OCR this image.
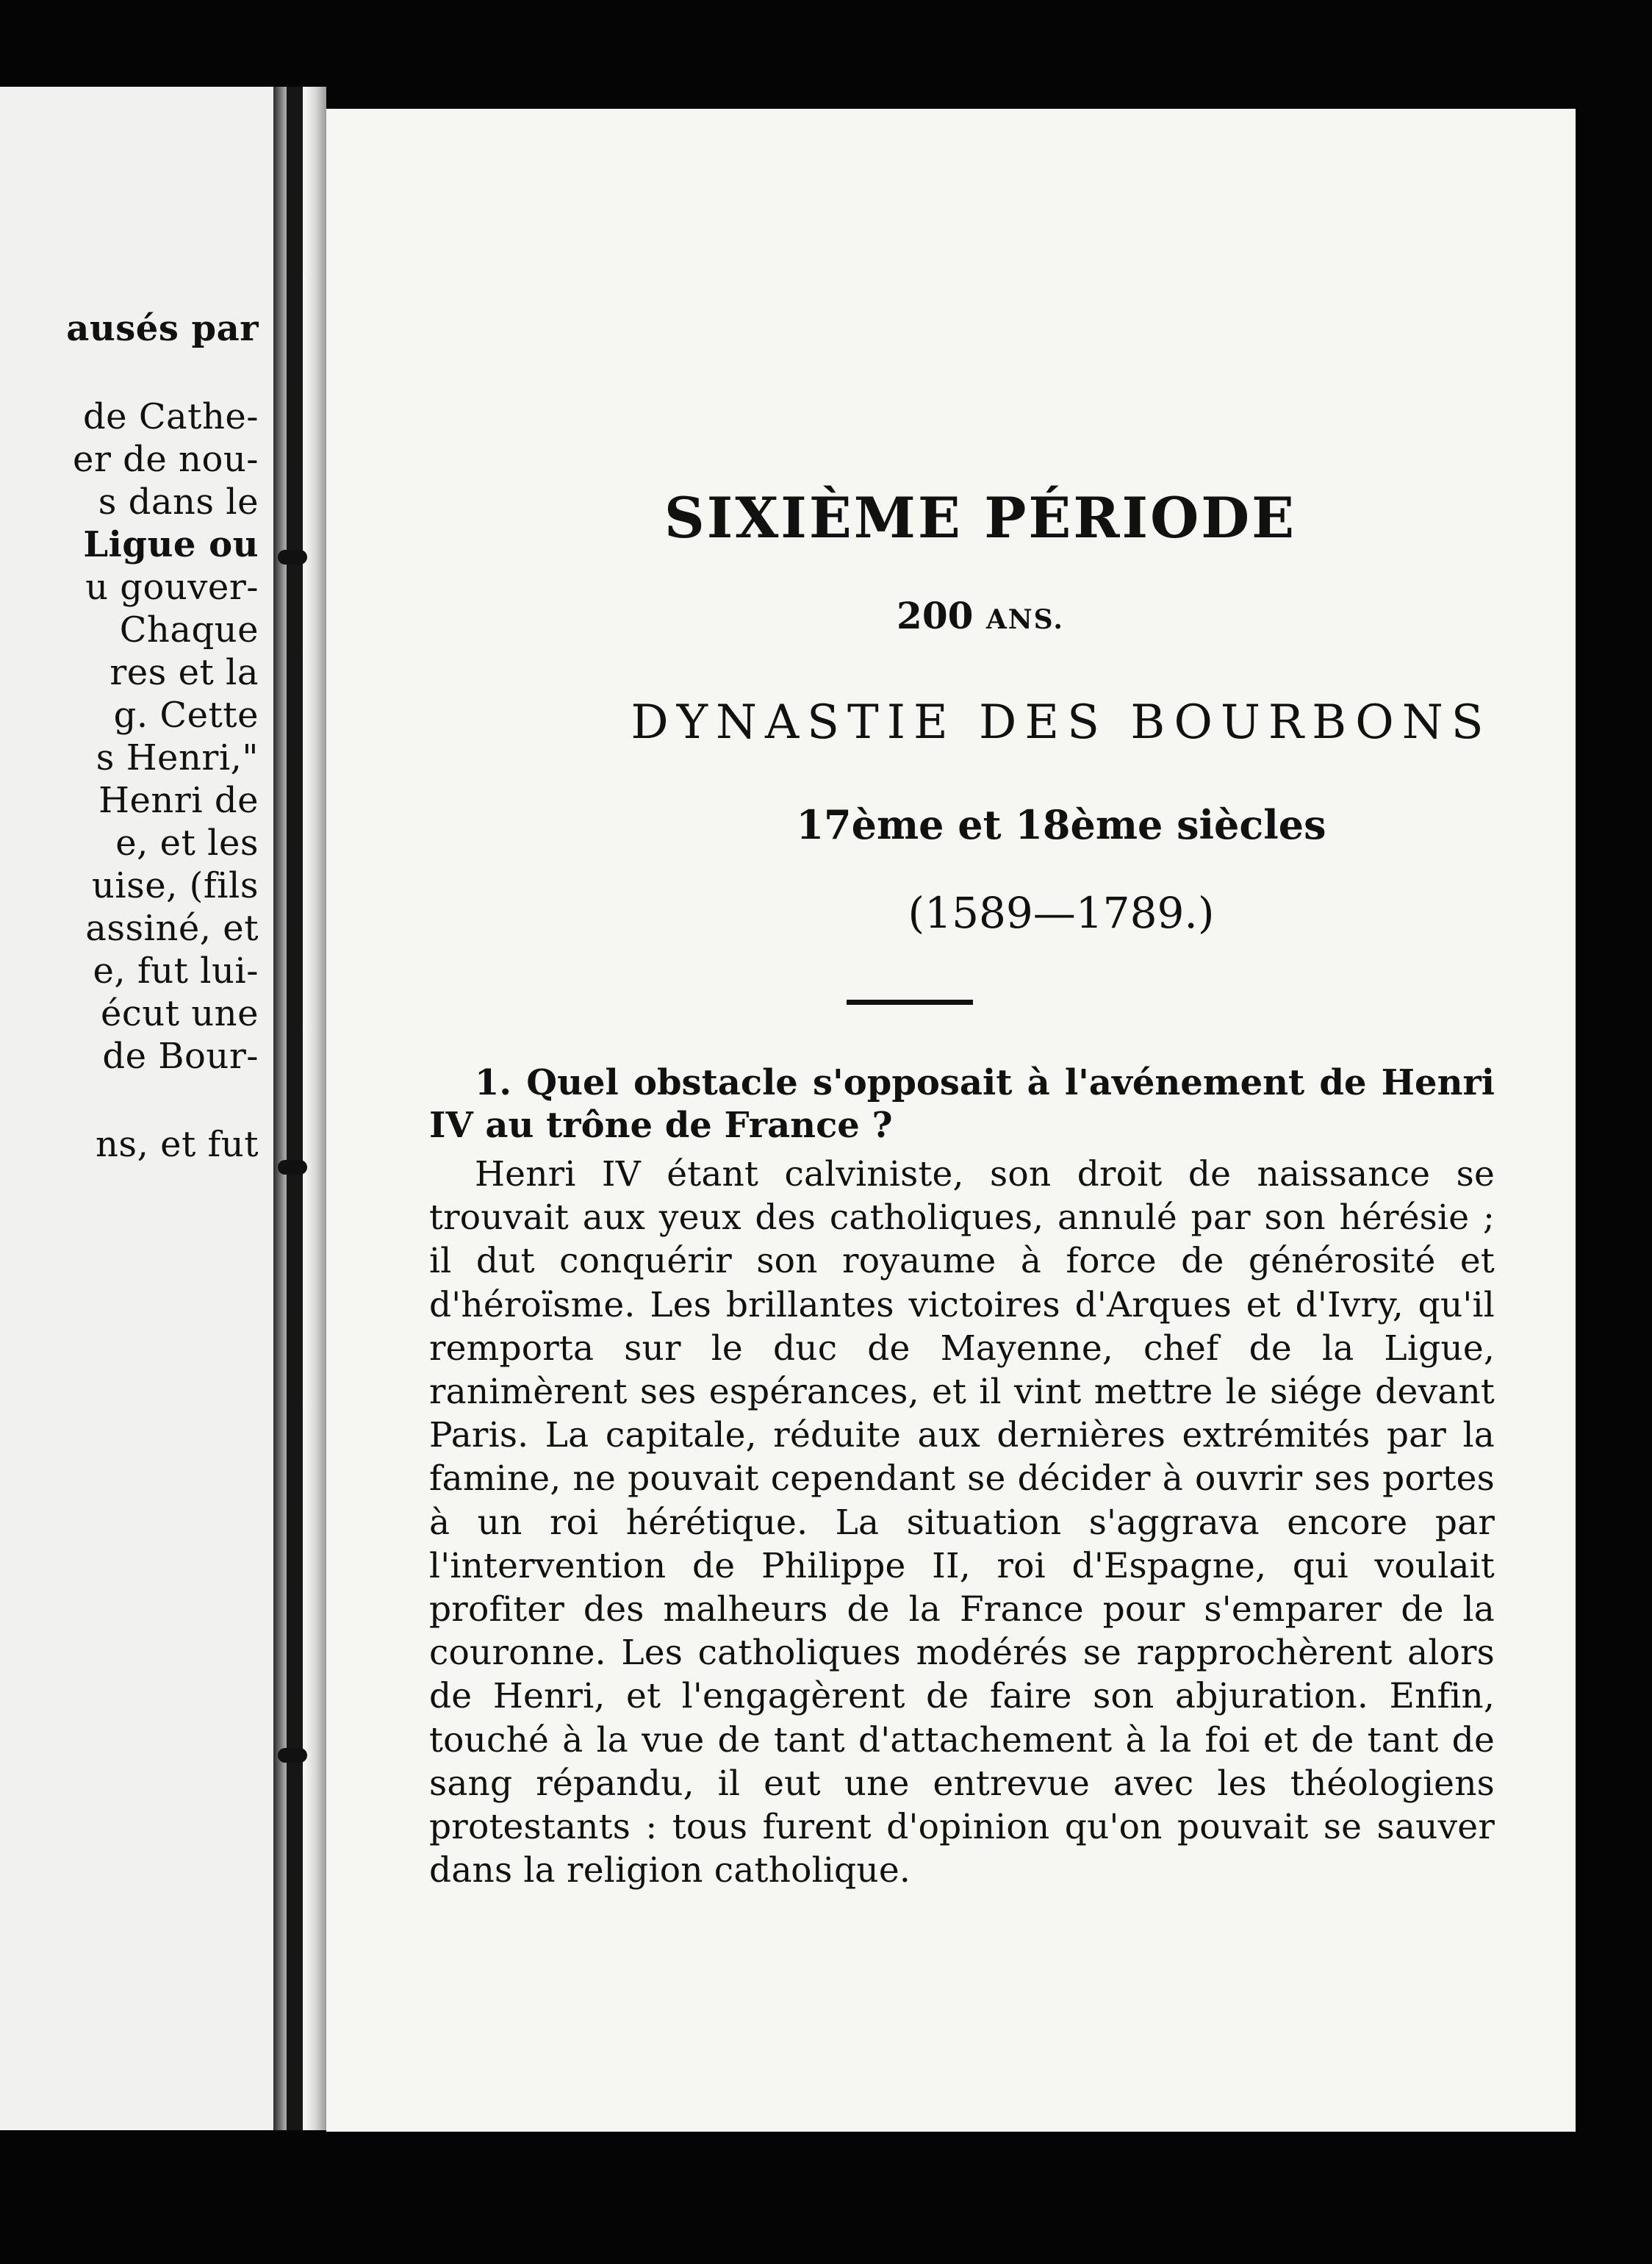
ausés par
de Cathe-
er de nou-
s dans le
Ligue ou
u gouver-
Chaque
res et la
g. Cette
s Henri,"
Henri de
e, et les
uise, (fils
assiné, et
e, fut lui-
écut une
de Bour-
ns, et fut
SIXIÈME PÉRIODE
200 ANS.
DYNASTIE DES BOURBONS
17ème et 18ème siècles
(1589—1789.)
1. Quel obstacle s'opposait à l'avénement de Henri IV au trône de France ?
Henri IV étant calviniste, son droit de naissance se trouvait aux yeux des catholiques, annulé par son hérésie ; il dut conquérir son royaume à force de générosité et d'héroïsme. Les brillantes victoires d'Arques et d'Ivry, qu'il remporta sur le duc de Mayenne, chef de la Ligue, ranimèrent ses espérances, et il vint mettre le siége devant Paris. La capitale, réduite aux dernières extrémités par la famine, ne pouvait cependant se décider à ouvrir ses portes à un roi hérétique. La situation s'aggrava encore par l'intervention de Philippe II, roi d'Espagne, qui voulait profiter des malheurs de la France pour s'emparer de la couronne. Les catholiques modérés se rapprochèrent alors de Henri, et l'engagèrent de faire son abjuration. Enfin, touché à la vue de tant d'attachement à la foi et de tant de sang répandu, il eut une entrevue avec les théologiens protestants : tous furent d'opinion qu'on pouvait se sauver dans la religion catholique.
